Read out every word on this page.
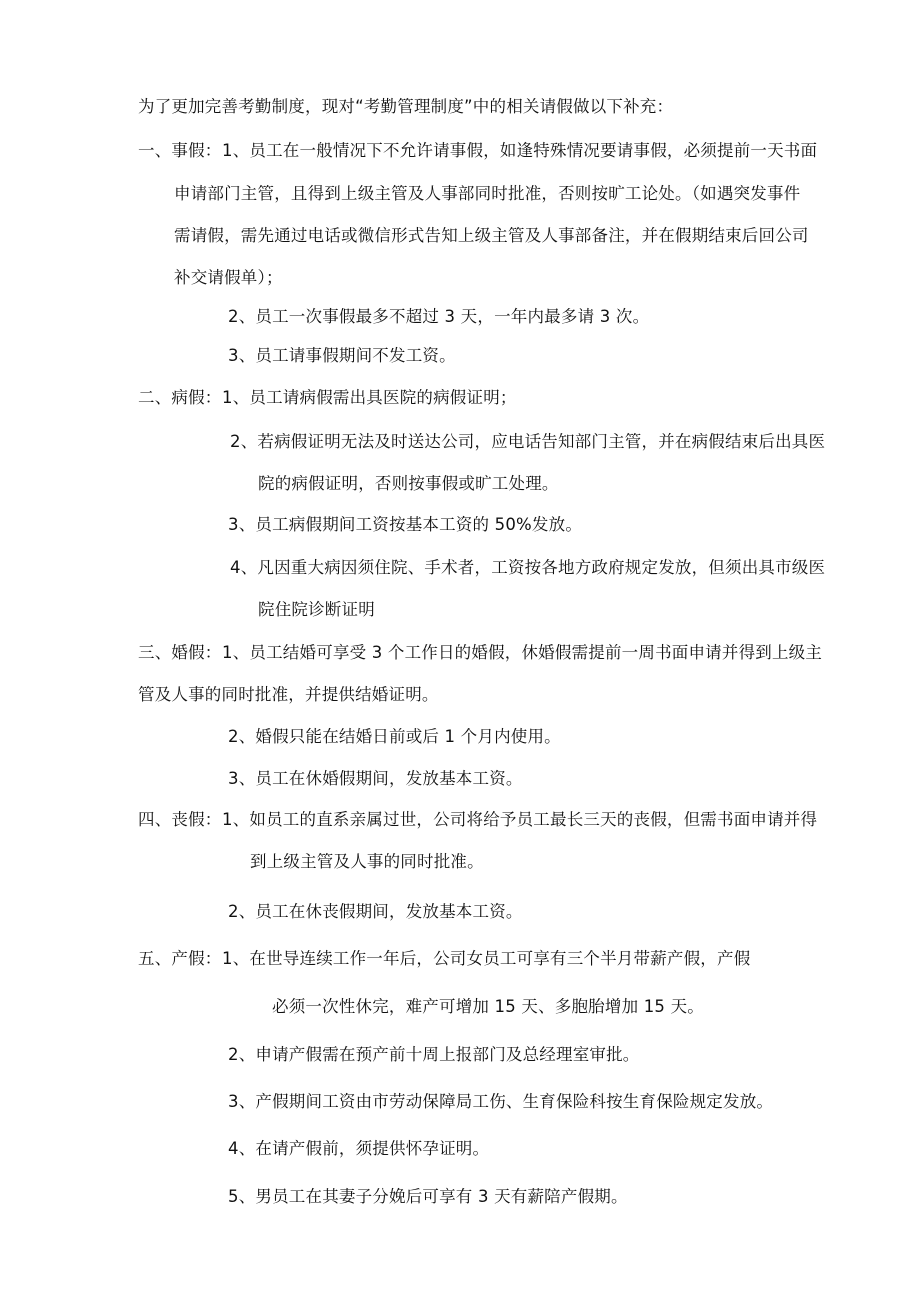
为了更加完善考勤制度，现对“考勤管理制度”中的相关请假做以下补充：
一、事假： 1、员工在一般情况下不允许请事假，如逢特殊情况要请事假，必须提前一天书面
申请部门主管，且得到上级主管及人事部同时批准，否则按旷工论处。（如遇突发事件
需请假，需先通过电话或微信形式告知上级主管及人事部备注，并在假期结束后回公司
补交请假单）；
2、员工一次事假最多不超过 3 天，一年内最多请 3 次。
3、员工请事假期间不发工资。
二、病假： 1、员工请病假需出具医院的病假证明；
2、若病假证明无法及时送达公司，应电话告知部门主管，并在病假结束后出具医
院的病假证明，否则按事假或旷工处理。
3、员工病假期间工资按基本工资的 50%发放。
4、凡因重大病因须住院、手术者，工资按各地方政府规定发放，但须出具市级医
院住院诊断证明
三、婚假： 1、员工结婚可享受 3 个工作日的婚假，休婚假需提前一周书面申请并得到上级主
管及人事的同时批准，并提供结婚证明。
2、婚假只能在结婚日前或后 1 个月内使用。
3、员工在休婚假期间，发放基本工资。
四、丧假： 1、如员工的直系亲属过世，公司将给予员工最长三天的丧假，但需书面申请并得
到上级主管及人事的同时批准。
2、员工在休丧假期间，发放基本工资。
五、产假： 1、在世导连续工作一年后，公司女员工可享有三个半月带薪产假，产假
必须一次性休完，难产可增加 15 天、多胞胎增加 15 天。
2、申请产假需在预产前十周上报部门及总经理室审批。
3、产假期间工资由市劳动保障局工伤、生育保险科按生育保险规定发放。
4、在请产假前，须提供怀孕证明。
5、男员工在其妻子分娩后可享有 3 天有薪陪产假期。
